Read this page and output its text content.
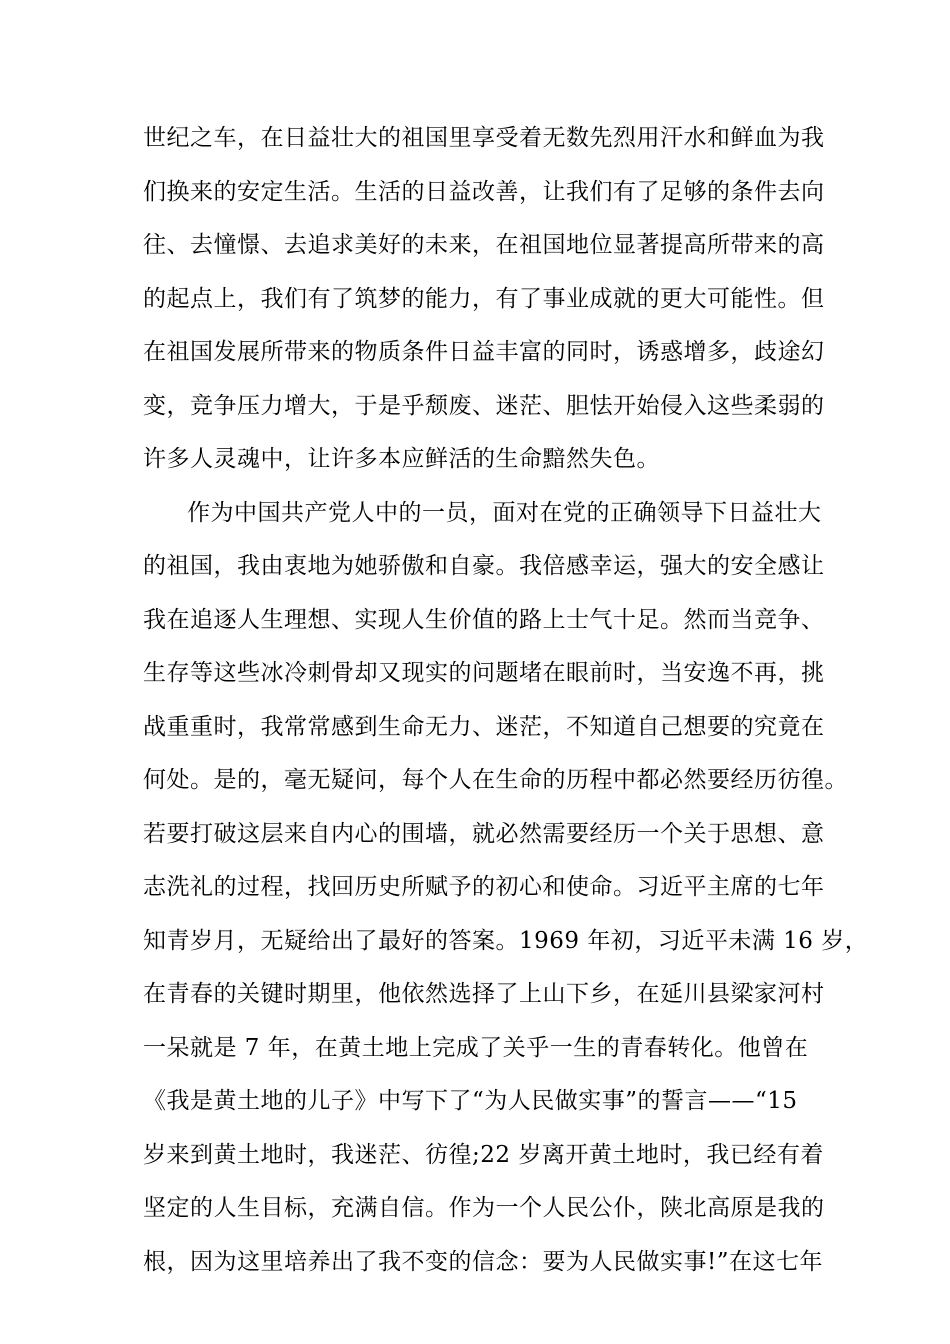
世纪之车，在日益壮大的祖国里享受着无数先烈用汗水和鲜血为我
们换来的安定生活。生活的日益改善，让我们有了足够的条件去向
往、去憧憬、去追求美好的未来，在祖国地位显著提高所带来的高
的起点上，我们有了筑梦的能力，有了事业成就的更大可能性。但
在祖国发展所带来的物质条件日益丰富的同时，诱惑增多，歧途幻
变，竞争压力增大，于是乎颓废、迷茫、胆怯开始侵入这些柔弱的
许多人灵魂中，让许多本应鲜活的生命黯然失色。
作为中国共产党人中的一员，面对在党的正确领导下日益壮大
的祖国，我由衷地为她骄傲和自豪。我倍感幸运，强大的安全感让
我在追逐人生理想、实现人生价值的路上士气十足。然而当竞争、
生存等这些冰冷刺骨却又现实的问题堵在眼前时，当安逸不再，挑
战重重时，我常常感到生命无力、迷茫，不知道自己想要的究竟在
何处。是的，毫无疑问，每个人在生命的历程中都必然要经历彷徨。
若要打破这层来自内心的围墙，就必然需要经历一个关于思想、意
志洗礼的过程，找回历史所赋予的初心和使命。习近平主席的七年
知青岁月，无疑给出了最好的答案。1969 年初，习近平未满 16 岁，
在青春的关键时期里，他依然选择了上山下乡，在延川县梁家河村
一呆就是 7 年，在黄土地上完成了关乎一生的青春转化。他曾在
《我是黄土地的儿子》中写下了“为人民做实事”的誓言——“15
岁来到黄土地时，我迷茫、彷徨;22 岁离开黄土地时，我已经有着
坚定的人生目标，充满自信。作为一个人民公仆，陕北高原是我的
根，因为这里培养出了我不变的信念：要为人民做实事!”在这七年
